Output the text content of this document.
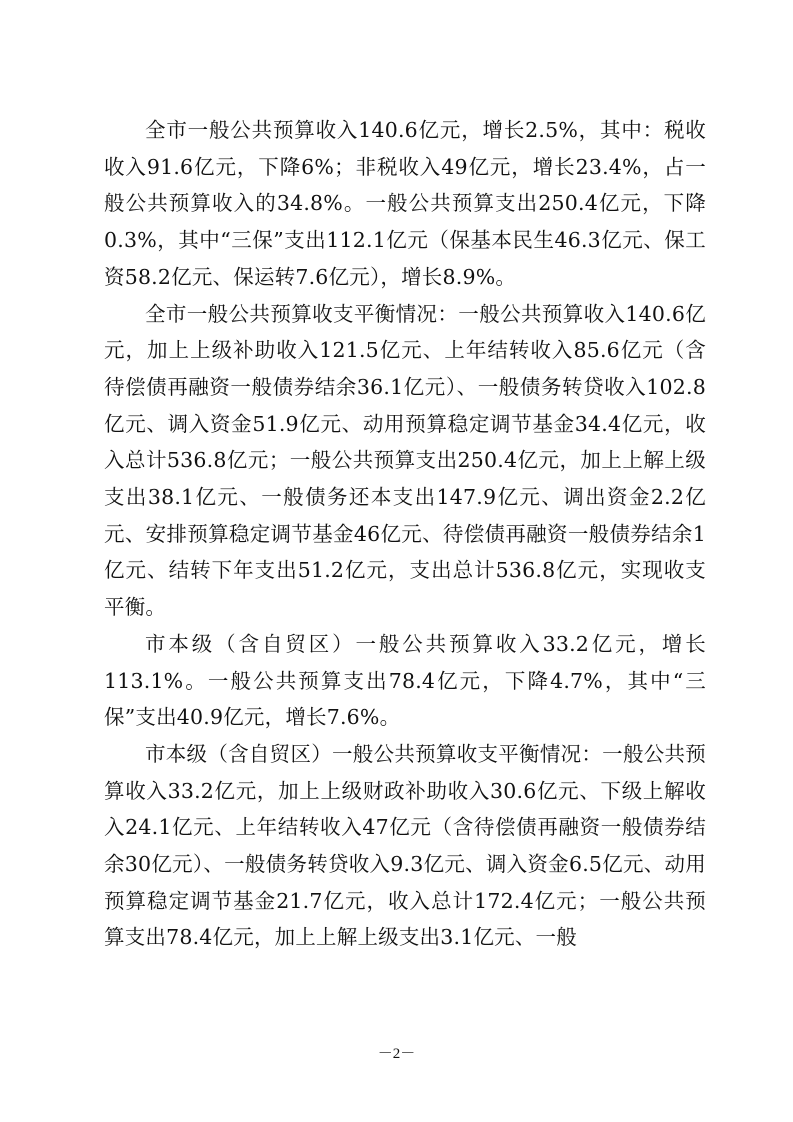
全市一般公共预算收入140.6亿元，增长2.5%，其中：税收收入91.6亿元，下降6%；非税收入49亿元，增长23.4%，占一般公共预算收入的34.8%。一般公共预算支出250.4亿元，下降0.3%，其中“三保”支出112.1亿元（保基本民生46.3亿元、保工资58.2亿元、保运转7.6亿元），增长8.9%。

全市一般公共预算收支平衡情况：一般公共预算收入140.6亿元，加上上级补助收入121.5亿元、上年结转收入85.6亿元（含待偿债再融资一般债券结余36.1亿元）、一般债务转贷收入102.8亿元、调入资金51.9亿元、动用预算稳定调节基金34.4亿元，收入总计536.8亿元；一般公共预算支出250.4亿元，加上上解上级支出38.1亿元、一般债务还本支出147.9亿元、调出资金2.2亿元、安排预算稳定调节基金46亿元、待偿债再融资一般债券结余1亿元、结转下年支出51.2亿元，支出总计536.8亿元，实现收支平衡。

市本级（含自贸区）一般公共预算收入33.2亿元，增长113.1%。一般公共预算支出78.4亿元，下降4.7%，其中“三保”支出40.9亿元，增长7.6%。

市本级（含自贸区）一般公共预算收支平衡情况：一般公共预算收入33.2亿元，加上上级财政补助收入30.6亿元、下级上解收入24.1亿元、上年结转收入47亿元（含待偿债再融资一般债券结余30亿元）、一般债务转贷收入9.3亿元、调入资金6.5亿元、动用预算稳定调节基金21.7亿元，收入总计172.4亿元；一般公共预算支出78.4亿元，加上上解上级支出3.1亿元、一般

－2－
